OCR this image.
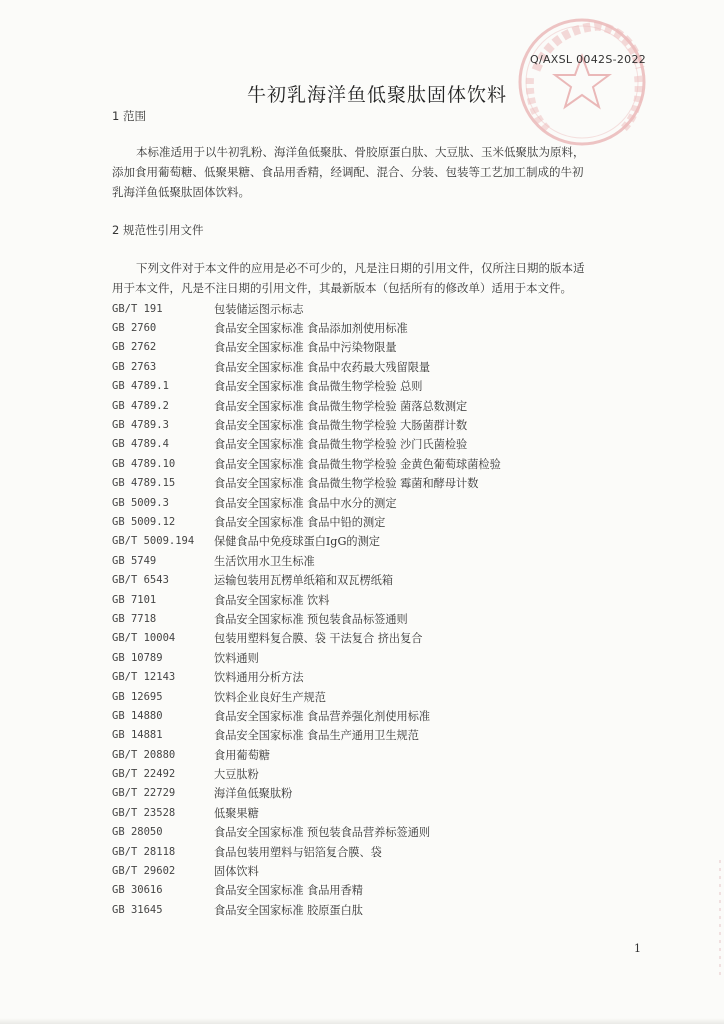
Q/AXSL 0042S-2022
牛初乳海洋鱼低聚肽固体饮料
1 范围
本标准适用于以牛初乳粉、海洋鱼低聚肽、骨胶原蛋白肽、大豆肽、玉米低聚肽为原料，
添加食用葡萄糖、低聚果糖、食品用香精，经调配、混合、分装、包装等工艺加工制成的牛初
乳海洋鱼低聚肽固体饮料。
2 规范性引用文件
下列文件对于本文件的应用是必不可少的，凡是注日期的引用文件，仅所注日期的版本适
用于本文件，凡是不注日期的引用文件，其最新版本（包括所有的修改单）适用于本文件。
GB/T 191	包装储运图示标志
GB 2760	食品安全国家标准 食品添加剂使用标准
GB 2762	食品安全国家标准 食品中污染物限量
GB 2763	食品安全国家标准 食品中农药最大残留限量
GB 4789.1	食品安全国家标准 食品微生物学检验 总则
GB 4789.2	食品安全国家标准 食品微生物学检验 菌落总数测定
GB 4789.3	食品安全国家标准 食品微生物学检验 大肠菌群计数
GB 4789.4	食品安全国家标准 食品微生物学检验 沙门氏菌检验
GB 4789.10	食品安全国家标准 食品微生物学检验 金黄色葡萄球菌检验
GB 4789.15	食品安全国家标准 食品微生物学检验 霉菌和酵母计数
GB 5009.3	食品安全国家标准 食品中水分的测定
GB 5009.12	食品安全国家标准 食品中铅的测定
GB/T 5009.194	保健食品中免疫球蛋白IgG的测定
GB 5749	生活饮用水卫生标准
GB/T 6543	运输包装用瓦楞单纸箱和双瓦楞纸箱
GB 7101	食品安全国家标准 饮料
GB 7718	食品安全国家标准 预包装食品标签通则
GB/T 10004	包装用塑料复合膜、袋 干法复合 挤出复合
GB 10789	饮料通则
GB/T 12143	饮料通用分析方法
GB 12695	饮料企业良好生产规范
GB 14880	食品安全国家标准 食品营养强化剂使用标准
GB 14881	食品安全国家标准 食品生产通用卫生规范
GB/T 20880	食用葡萄糖
GB/T 22492	大豆肽粉
GB/T 22729	海洋鱼低聚肽粉
GB/T 23528	低聚果糖
GB 28050	食品安全国家标准 预包装食品营养标签通则
GB/T 28118	食品包装用塑料与铝箔复合膜、袋
GB/T 29602	固体饮料
GB 30616	食品安全国家标准 食品用香精
GB 31645	食品安全国家标准 胶原蛋白肽
1
